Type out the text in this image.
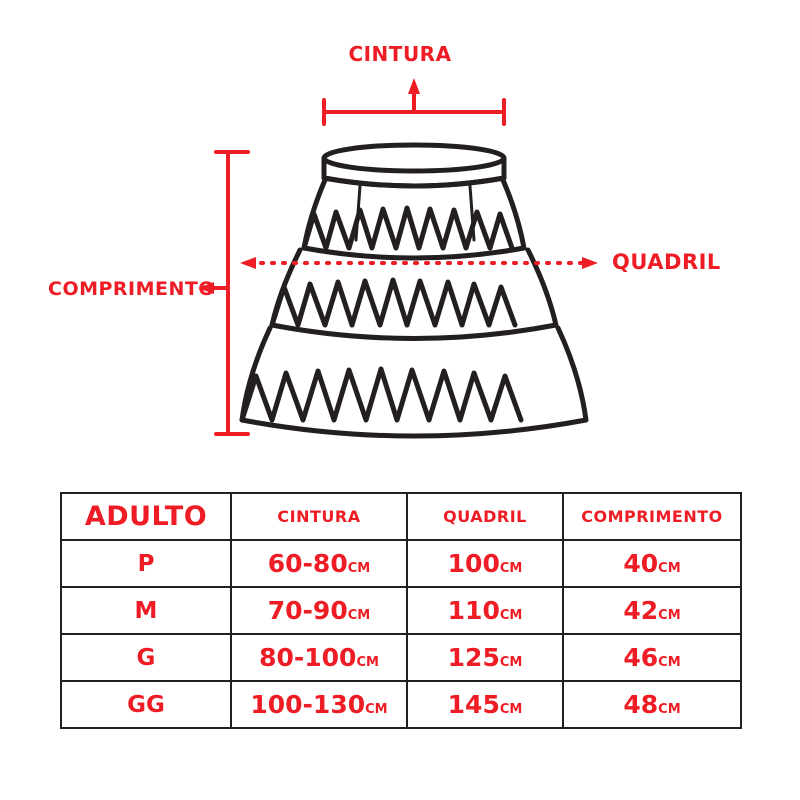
CINTURA
QUADRIL
COMPRIMENTO
ADULTO	CINTURA	QUADRIL	COMPRIMENTO
P	60-80CM	100CM	40CM
M	70-90CM	110CM	42CM
G	80-100CM	125CM	46CM
GG	100-130CM	145CM	48CM
